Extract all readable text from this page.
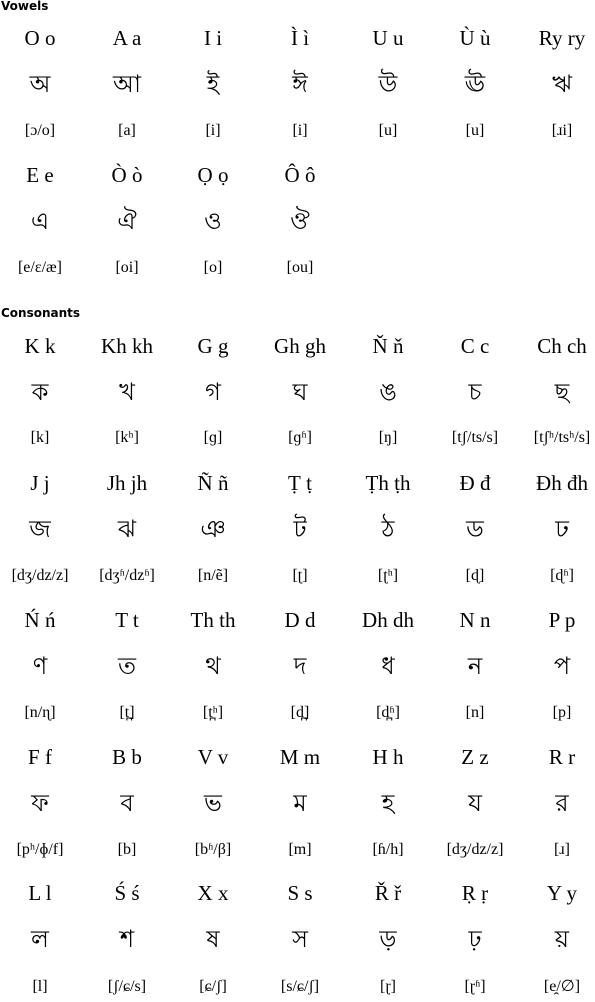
Vowels
Consonants
O o	A a	I i	Ì ì	U u	Ù ù	Ry ry
অ	আ	ই	ঈ	উ	ঊ	ঋ
[ɔ/o]	[a]	[i]	[i]	[u]	[u]	[ɹi]
E e	Ò ò	Ọ ọ	Ô ô
এ	ঐ	ও	ঔ
[e/ɛ/æ]	[oi]	[o]	[ou]
K k	Kh kh	G g	Gh gh	Ň ň	C c	Ch ch
ক	খ	গ	ঘ	ঙ	চ	ছ
[k]	[kʰ]	[ɡ]	[ɡʱ]	[ŋ]	[tʃ/ts/s]	[tʃʰ/tsʰ/s]
J j	Jh jh	Ñ ñ	Ṭ ṭ	Ṭh ṭh	Đ đ	Đh đh
জ	ঝ	ঞ	ট	ঠ	ড	ঢ
[dʒ/dz/z]	[dʒʱ/dzʱ]	[n/ẽ]	[ʈ]	[ʈʰ]	[ɖ]	[ɖʱ]
Ń ń	T t	Th th	D d	Dh dh	N n	P p
ণ	ত	থ	দ	ধ	ন	প
[n/ɳ]	[t̪]	[t̪ʰ]	[d̪]	[d̪ʱ]	[n]	[p]
F f	B b	V v	M m	H h	Z z	R r
ফ	ব	ভ	ম	হ	য	র
[pʰ/ɸ/f]	[b]	[bʱ/β]	[m]	[ɦ/h]	[dʒ/dz/z]	[ɹ]
L l	Ś ś	X x	S s	Ř ř	Ṛ ṛ	Y y
ল	শ	ষ	স	ড়	ঢ়	য়
[l]	[ʃ/ɕ/s]	[ɕ/ʃ]	[s/ɕ/ʃ]	[ɽ]	[ɽʱ]	[e̯/∅]
